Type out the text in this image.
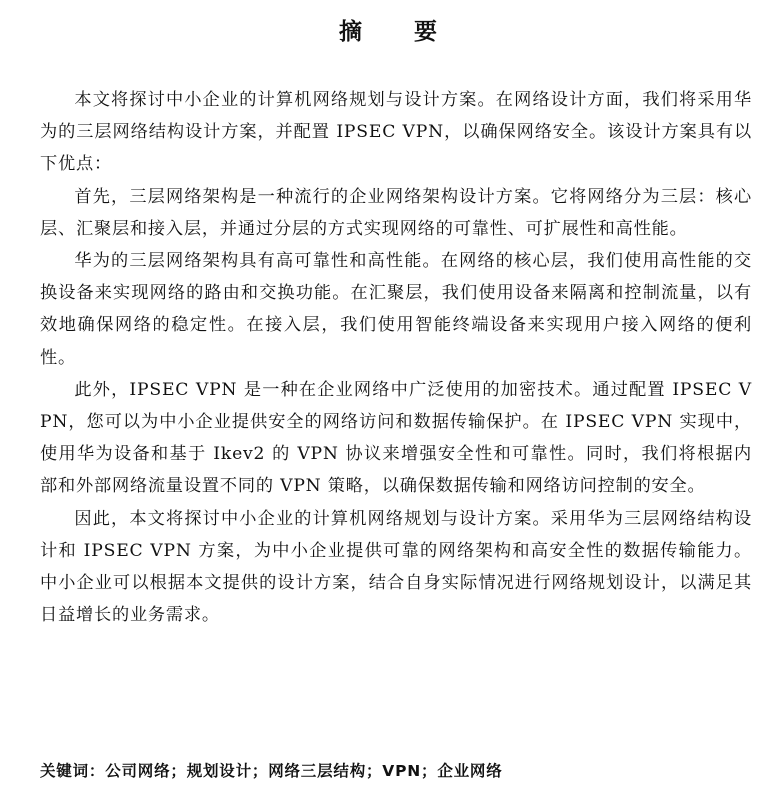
摘 要

本文将探讨中小企业的计算机网络规划与设计方案。在网络设计方面，我们将采用华为的三层网络结构设计方案，并配置 IPSEC VPN，以确保网络安全。该设计方案具有以下优点：

首先，三层网络架构是一种流行的企业网络架构设计方案。它将网络分为三层：核心层、汇聚层和接入层，并通过分层的方式实现网络的可靠性、可扩展性和高性能。

华为的三层网络架构具有高可靠性和高性能。在网络的核心层，我们使用高性能的交换设备来实现网络的路由和交换功能。在汇聚层，我们使用设备来隔离和控制流量，以有效地确保网络的稳定性。在接入层，我们使用智能终端设备来实现用户接入网络的便利性。

此外，IPSEC VPN 是一种在企业网络中广泛使用的加密技术。通过配置 IPSEC VPN，您可以为中小企业提供安全的网络访问和数据传输保护。在 IPSEC VPN 实现中，使用华为设备和基于 Ikev2 的 VPN 协议来增强安全性和可靠性。同时，我们将根据内部和外部网络流量设置不同的 VPN 策略，以确保数据传输和网络访问控制的安全。

因此，本文将探讨中小企业的计算机网络规划与设计方案。采用华为三层网络结构设计和 IPSEC VPN 方案，为中小企业提供可靠的网络架构和高安全性的数据传输能力。中小企业可以根据本文提供的设计方案，结合自身实际情况进行网络规划设计，以满足其日益增长的业务需求。

关键词：公司网络；规划设计；网络三层结构；VPN；企业网络
